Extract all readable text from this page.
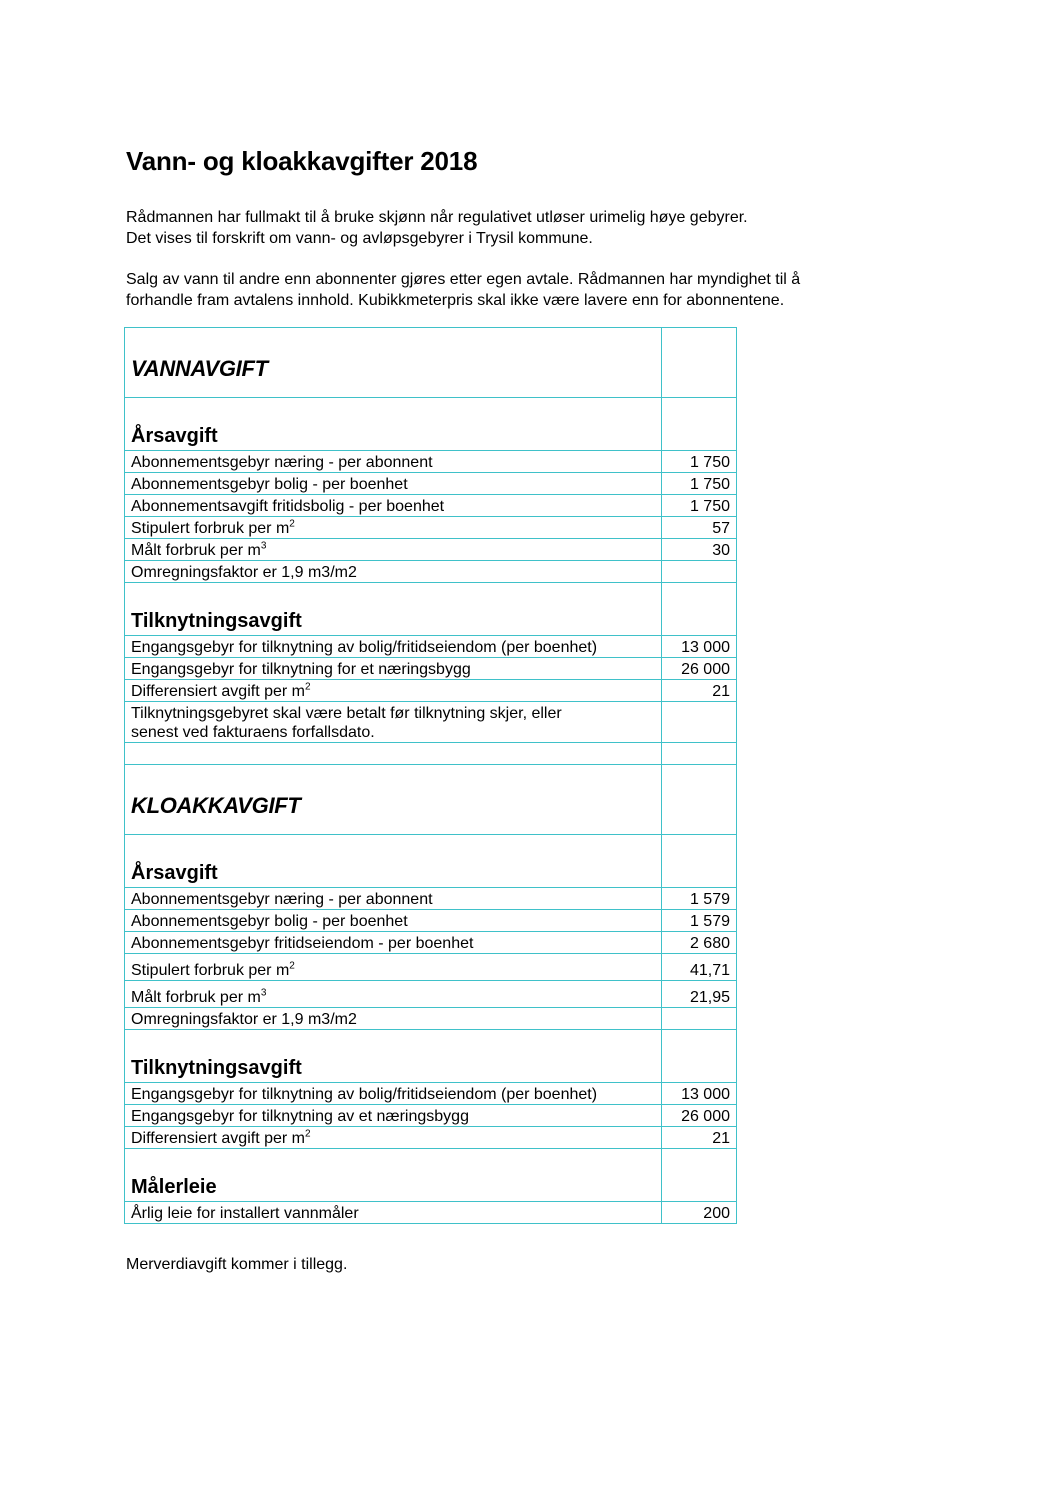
Vann- og kloakkavgifter 2018
Rådmannen har fullmakt til å bruke skjønn når regulativet utløser urimelig høye gebyrer.
Det vises til forskrift om vann- og avløpsgebyrer i Trysil kommune.
Salg av vann til andre enn abonnenter gjøres etter egen avtale. Rådmannen har myndighet til å
forhandle fram avtalens innhold. Kubikkmeterpris skal ikke være lavere enn for abonnentene.
VANNAVGIFT	
Årsavgift	
Abonnementsgebyr næring - per abonnent	1 750
Abonnementsgebyr bolig - per boenhet	1 750
Abonnementsavgift fritidsbolig - per boenhet	1 750
Stipulert forbruk per $m^2$	57
Målt forbruk per $m^3$	30
Omregningsfaktor er 1,9 m3/m2	
Tilknytningsavgift	
Engangsgebyr for tilknytning av bolig/fritidseiendom (per boenhet)	13 000
Engangsgebyr for tilknytning for et næringsbygg	26 000
Differensiert avgift per $m^2$	21

Tilknytningsgebyret skal være betalt før tilknytning skjer, eller
senest ved fakturaens forfallsdato.	

KLOAKKAVGIFT	
Årsavgift	
Abonnementsgebyr næring - per abonnent	1 579
Abonnementsgebyr bolig - per boenhet	1 579
Abonnementsgebyr fritidseiendom - per boenhet	2 680
Stipulert forbruk per $m^2$	41,71
Målt forbruk per $m^3$	21,95
Omregningsfaktor er 1,9 m3/m2	
Tilknytningsavgift	
Engangsgebyr for tilknytning av bolig/fritidseiendom (per boenhet)	13 000
Engangsgebyr for tilknytning av et næringsbygg	26 000
Differensiert avgift per $m^2$	21
Målerleie	
Årlig leie for installert vannmåler	200
Merverdiavgift kommer i tillegg.
